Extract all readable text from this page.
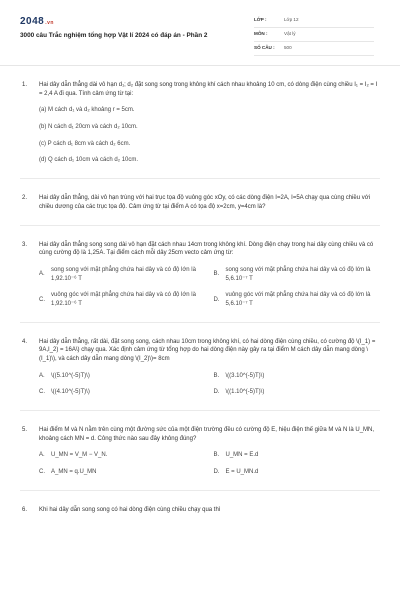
2048.vn
3000 câu Trắc nghiệm tổng hợp Vật lí 2024 có đáp án - Phần 2
LỚP :	Lớp 12
MÔN :	Vật lý
SỐ CÂU :	500
1. Hai dây dẫn thẳng dài vô hạn d₁; d₂ đặt song song trong không khí cách nhau khoảng 10 cm, có dòng điện cùng chiều I₁ = I₂ = I = 2,4 A đi qua. Tính cảm ứng từ tại:
(a) M cách d₁ và d₂ khoảng r = 5cm.
(b) N cách d₁ 20cm và cách d₂ 10cm.
(c) P cách d₁ 8cm và cách d₂ 6cm.
(d) Q cách d₁ 10cm và cách d₂ 10cm.
2. Hai dây dẫn thẳng, dài vô hạn trùng với hai trục tọa độ vuông góc xOy, có các dòng điện I=2A, I=5A chạy qua cùng chiều với chiều dương của các trục tọa độ. Cảm ứng từ tại điểm A có tọa độ x=2cm, y=4cm là?
3. Hai dây dẫn thẳng song song dài vô hạn đặt cách nhau 14cm trong không khí. Dòng điện chạy trong hai dây cùng chiều và có cùng cường độ là 1,25A. Tại điểm cách mỗi dây 25cm vecto cảm ứng từ:
A.
song song với mặt phẳng chứa hai dây và có độ lớn là 1,92.10⁻⁶ T
B.
song song với mặt phẳng chứa hai dây và có độ lớn là 5,6.10⁻⁷ T
C.
vuông góc với mặt phẳng chứa hai dây và có độ lớn là 1,92.10⁻⁶ T
D.
vuông góc với mặt phẳng chứa hai dây và có độ lớn là 5,6.10⁻⁷ T
4. Hai dây dẫn thẳng, rất dài, đặt song song, cách nhau 10cm trong không khí, có hai dòng điện cùng chiều, có cường độ \(I_1) = 9A,I_2) = 16A\) chạy qua. Xác định cảm ứng từ tổng hợp do hai dòng điện này gây ra tại điểm M cách dây dẫn mang dòng \(I_1)\), và cách dây dẫn mang dòng \(I_2)\)= 8cm
A.	\((5.10^(-5)T)\)	B.	\((3.10^(-5)T)\)
C.	\((4.10^(-5)T)\)	D.	\((1.10^(-5)T)\)
5. Hai điểm M và N nằm trên cùng một đường sức của một điện trường đều có cường độ E, hiệu điện thế giữa M và N là U_MN, khoảng cách MN = d. Công thức nào sau đây không đúng?
A.	U_MN = V_M − V_N.	B.	U_MN = E.d
C.	A_MN = q.U_MN	D.	E = U_MN.d
6. Khi hai dây dẫn song song có hai dòng điện cùng chiều chạy qua thì
